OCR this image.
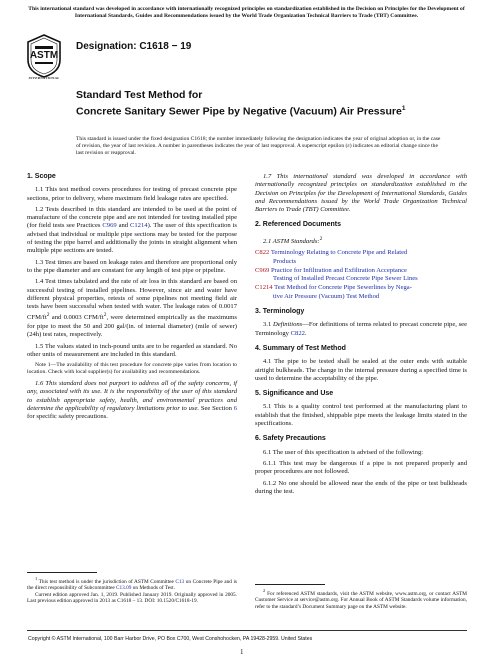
This international standard was developed in accordance with internationally recognized principles on standardization established in the Decision on Principles for the Development of International Standards, Guides and Recommendations issued by the World Trade Organization Technical Barriers to Trade (TBT) Committee.
ASTM
INTERNATIONAL
Designation: C1618 − 19
Standard Test Method for
Concrete Sanitary Sewer Pipe by Negative (Vacuum) Air Pressure$^1$
This standard is issued under the fixed designation C1618; the number immediately following the designation indicates the year of original adoption or, in the case of revision, the year of last revision. A number in parentheses indicates the year of last reapproval. A superscript epsilon (ε) indicates an editorial change since the last revision or reapproval.
1. Scope

1.1 This test method covers procedures for testing of precast concrete pipe sections, prior to delivery, where maximum field leakage rates are specified.

1.2 Tests described in this standard are intended to be used at the point of manufacture of the concrete pipe and are not intended for testing installed pipe (for field tests see Practices C969 and C1214). The user of this specification is advised that individual or multiple pipe sections may be tested for the purpose of testing the pipe barrel and additionally the joints in straight alignment when multiple pipe sections are tested.

1.3 Test times are based on leakage rates and therefore are proportional only to the pipe diameter and are constant for any length of test pipe or pipeline.

1.4 Test times tabulated and the rate of air loss in this standard are based on successful testing of installed pipelines. However, since air and water have different physical properties, retests of some pipelines not meeting field air tests have been successful when tested with water. The leakage rates of 0.0017 CFM/$ft^2$ and 0.0003 CFM/$ft^2$, were determined empirically as the maximums for pipe to meet the 50 and 200 gal/(in. of internal diameter) (mile of sewer) (24h) test rates, respectively.

1.5 The values stated in inch-pound units are to be regarded as standard. No other units of measurement are included in this standard.

Note 1—The availability of this test procedure for concrete pipe varies from location to location. Check with local supplier(s) for availability and recommendations.

1.6 This standard does not purport to address all of the safety concerns, if any, associated with its use. It is the responsibility of the user of this standard to establish appropriate safety, health, and environmental practices and determine the applicability of regulatory limitations prior to use. See Section 6 for specific safety precautions.

1.7 This international standard was developed in accordance with internationally recognized principles on standardization established in the Decision on Principles for the Development of International Standards, Guides and Recommendations issued by the World Trade Organization Technical Barriers to Trade (TBT) Committee.

2. Referenced Documents

2.1 ASTM Standards:$^2$

C822 Terminology Relating to Concrete Pipe and Related
Products
C969 Practice for Infiltration and Exfiltration Acceptance
Testing of Installed Precast Concrete Pipe Sewer Lines
C1214 Test Method for Concrete Pipe Sewerlines by Nega-
tive Air Pressure (Vacuum) Test Method
3. Terminology

3.1 Definitions—For definitions of terms related to precast concrete pipe, see Terminology C822.

4. Summary of Test Method

4.1 The pipe to be tested shall be sealed at the outer ends with suitable airtight bulkheads. The change in the internal pressure during a specified time is used to determine the acceptability of the pipe.

5. Significance and Use

5.1 This is a quality control test performed at the manufacturing plant to establish that the finished, shippable pipe meets the leakage limits stated in the specifications.

6. Safety Precautions

6.1 The user of this specification is advised of the following:

6.1.1 This test may be dangerous if a pipe is not prepared properly and proper procedures are not followed.

6.1.2 No one should be allowed near the ends of the pipe or test bulkheads during the test.

$^1$ This test method is under the jurisdiction of ASTM Committee C13 on Concrete Pipe and is the direct responsibility of Subcommittee C13.09 on Methods of Test.
Current edition approved Jan. 1, 2019. Published January 2019. Originally approved in 2005. Last previous edition approved in 2013 as C1618 – 13. DOI: 10.1520/C1618-19.
$^2$ For referenced ASTM standards, visit the ASTM website, www.astm.org, or contact ASTM Customer Service at service@astm.org. For Annual Book of ASTM Standards volume information, refer to the standard’s Document Summary page on the ASTM website.
Copyright © ASTM International, 100 Barr Harbor Drive, PO Box C700, West Conshohocken, PA 19428-2959. United States
1
